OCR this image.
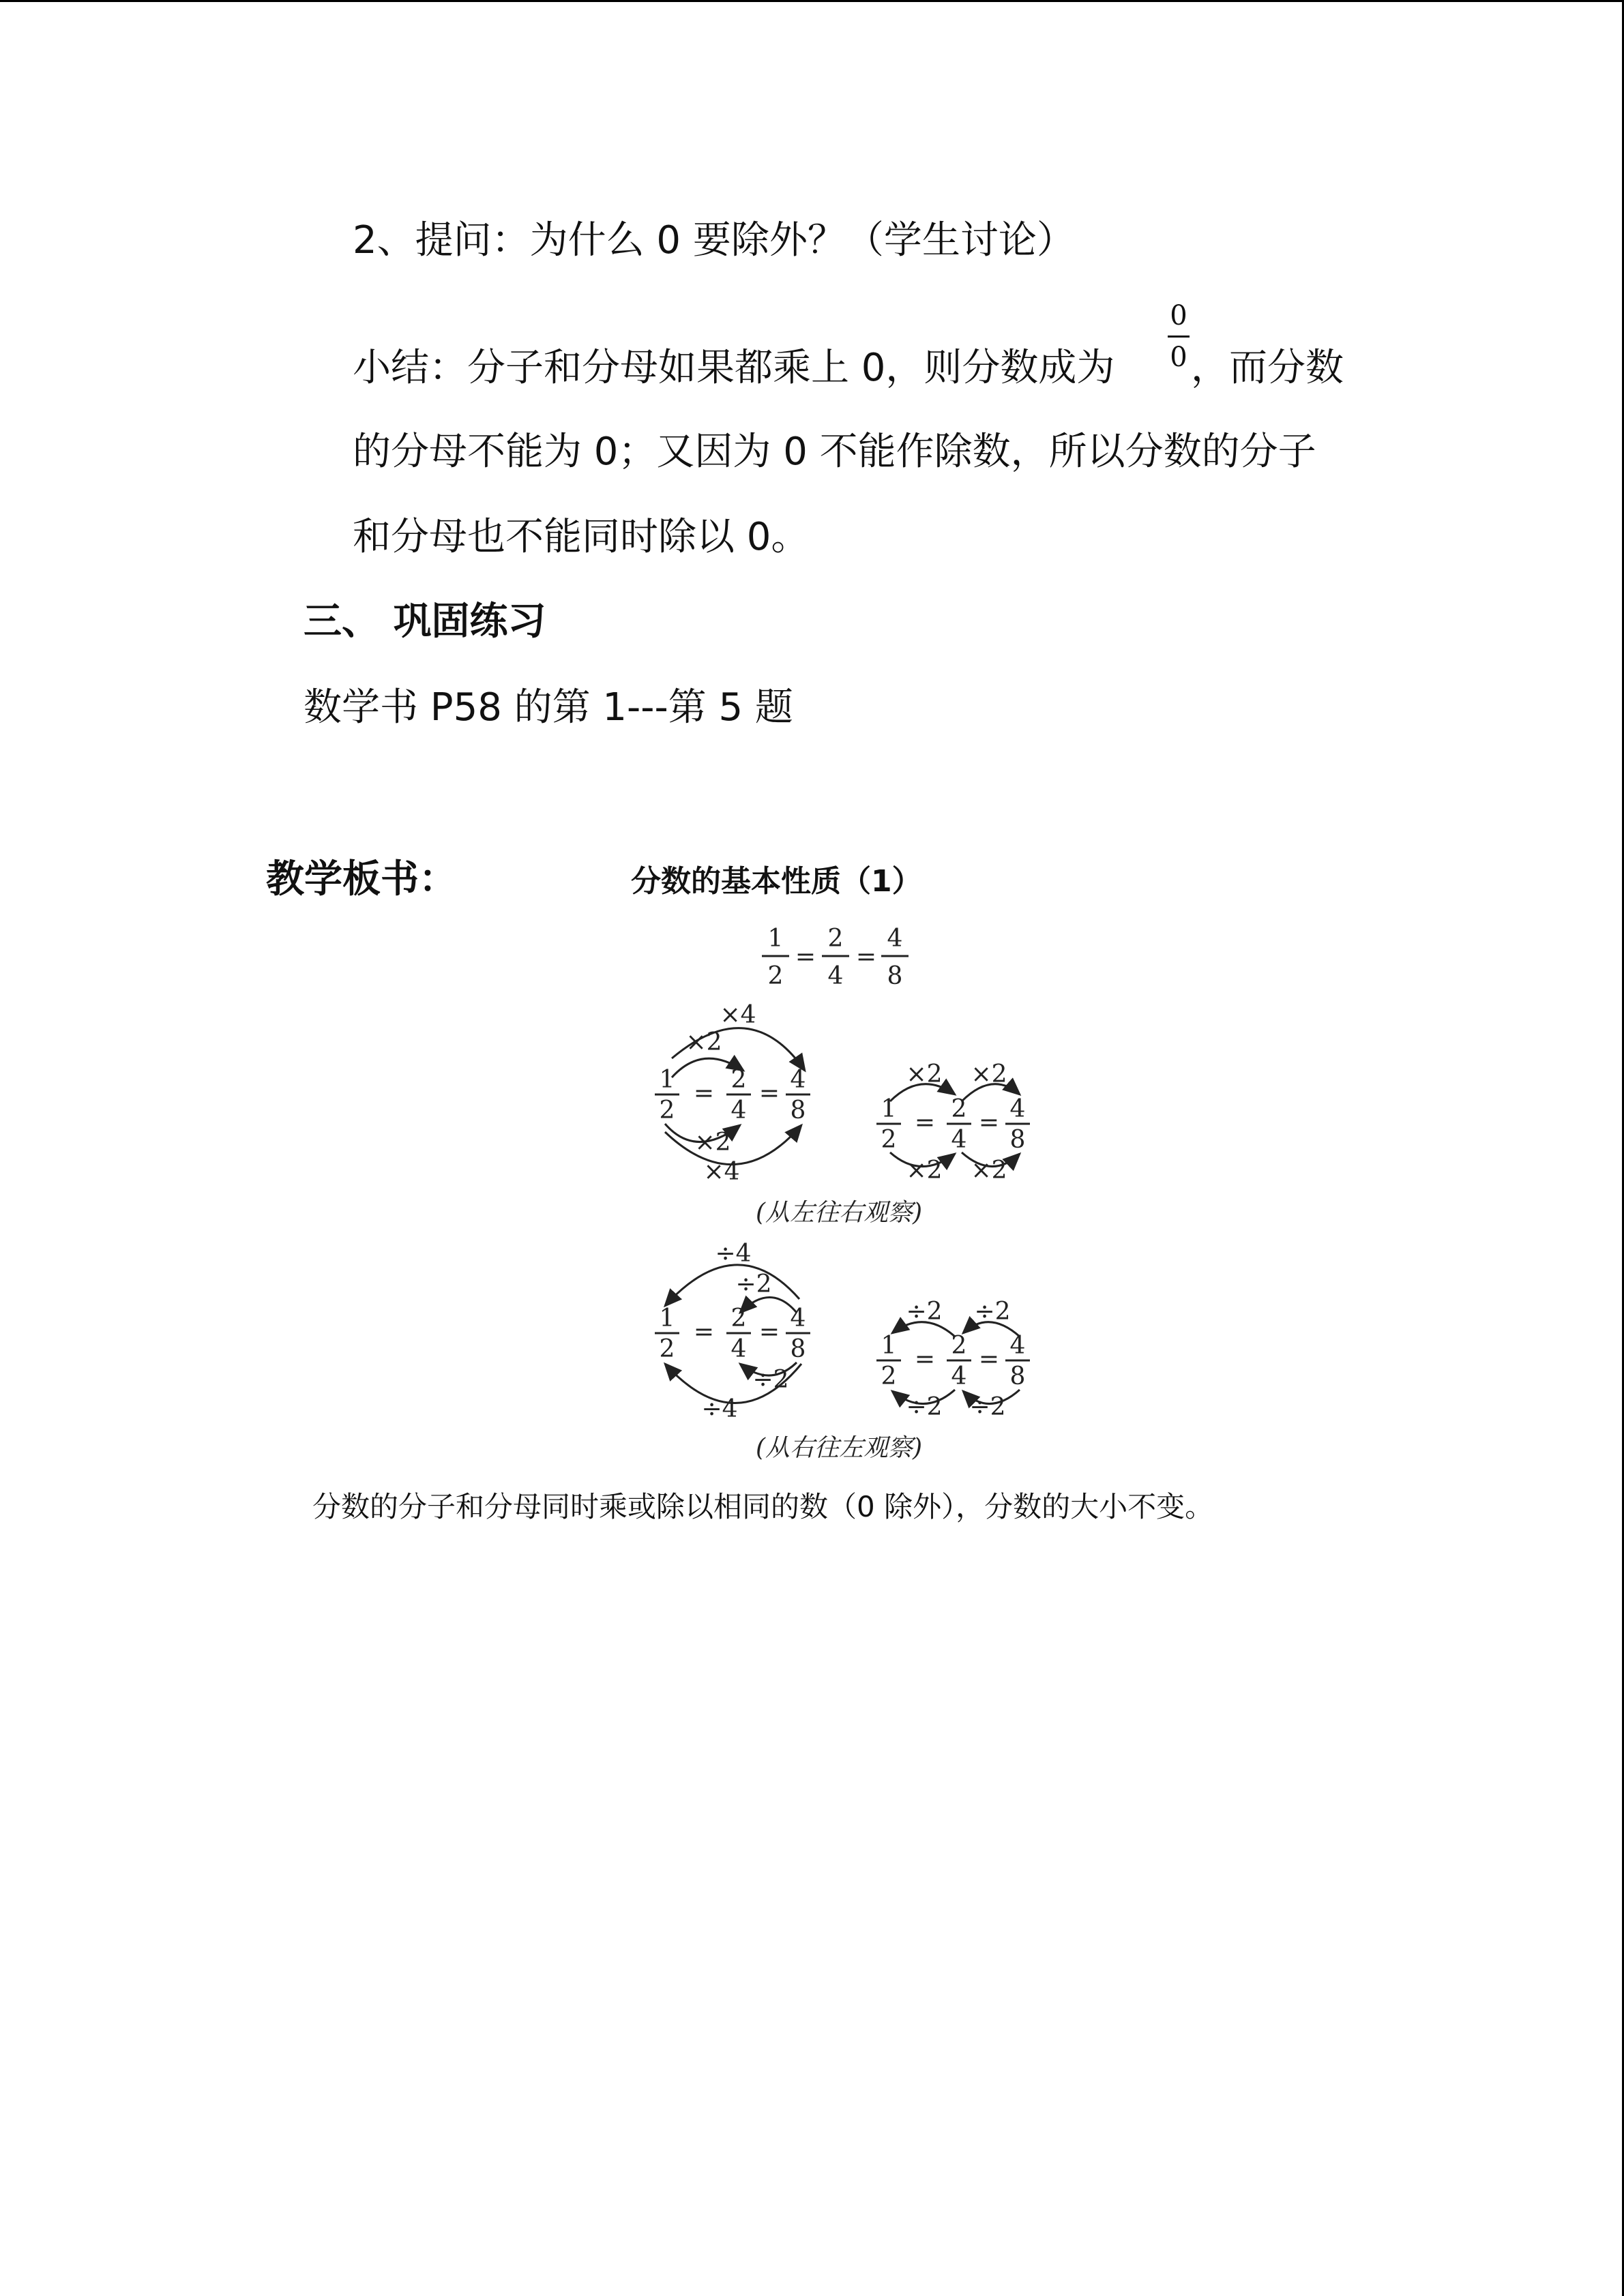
2、提问：为什么 0 要除外？（学生讨论）
小结：分子和分母如果都乘上 0，则分数成为
0
0 ，而分数
的分母不能为 0；又因为 0 不能作除数，所以分数的分子
和分母也不能同时除以 0。
三、 巩固练习
数学书 P58 的第 1---第 5 题
教学板书：	分数的基本性质（1）
1
2
=
2
4
=
4
8
×4
×2
1
2
= 2
4
= 4
8
×2
×4
×2 ×2
1
2
= 2
4
= 4
8
×2 ×2
(从左往右观察)
÷4
÷2
1
2
= 2
4
= 4
8
÷2
÷4
÷2 ÷2
1
2
= 2
4
= 4
8
÷2 ÷2
(从右往左观察)
分数的分子和分母同时乘或除以相同的数（0 除外），分数的大小不变。
